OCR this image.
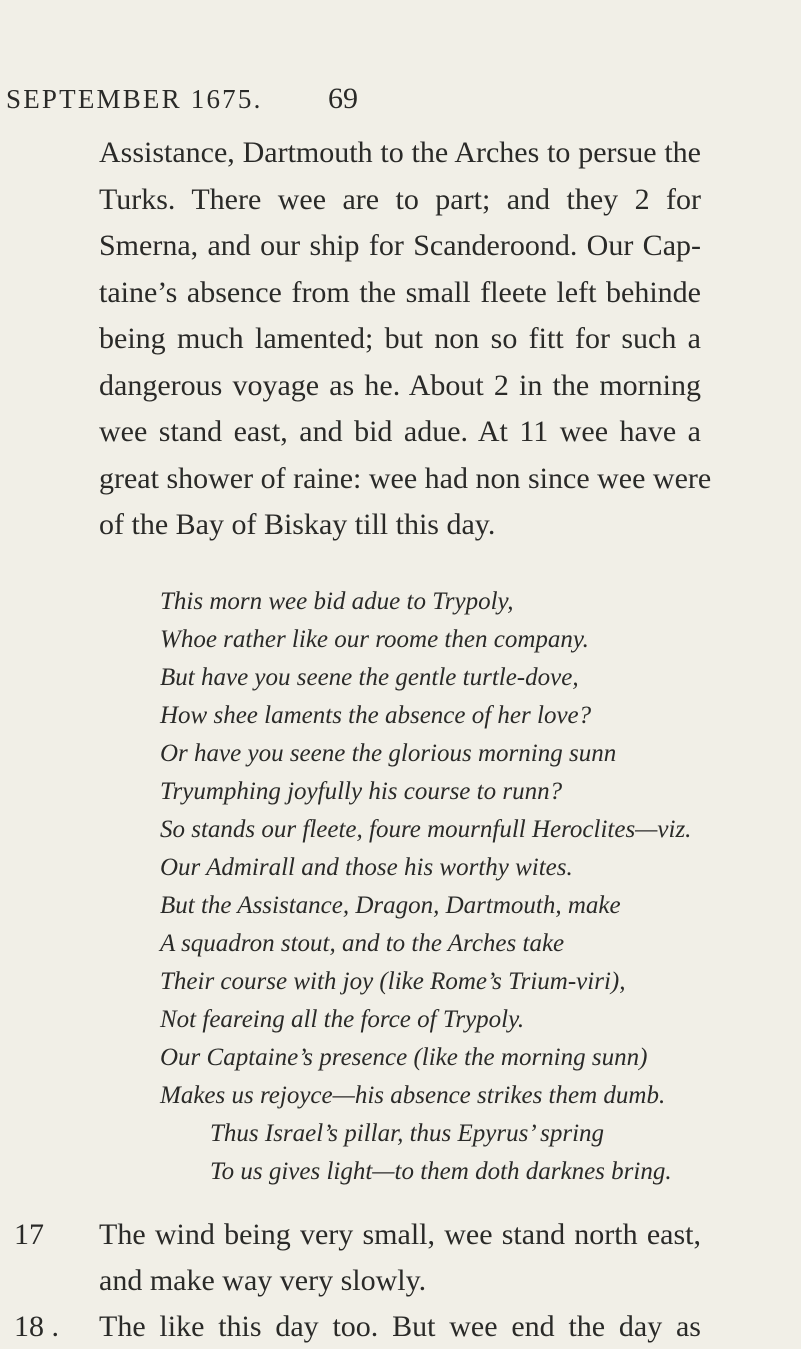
SEPTEMBER 1675. 69
Assistance, Dartmouth to the Arches to persue the
Turks. There wee are to part; and they 2 for
Smerna, and our ship for Scanderoond. Our Cap-
taine’s absence from the small fleete left behinde
being much lamented; but non so fitt for such a
dangerous voyage as he. About 2 in the morning
wee stand east, and bid adue. At 11 wee have a
great shower of raine: wee had non since wee were
of the Bay of Biskay till this day.
This morn wee bid adue to Trypoly,
Whoe rather like our roome then company.
But have you seene the gentle turtle-dove,
How shee laments the absence of her love?
Or have you seene the glorious morning sunn
Tryumphing joyfully his course to runn?
So stands our fleete, foure mournfull Heroclites—viz.
Our Admirall and those his worthy wites.
But the Assistance, Dragon, Dartmouth, make
A squadron stout, and to the Arches take
Their course with joy (like Rome’s Trium-viri),
Not feareing all the force of Trypoly.
Our Captaine’s presence (like the morning sunn)
Makes us rejoyce—his absence strikes them dumb.
Thus Israel’s pillar, thus Epyrus’ spring
To us gives light—to them doth darknes bring.
17 The wind being very small, wee stand north east,
and make way very slowly.
18 . The like this day too. But wee end the day as
